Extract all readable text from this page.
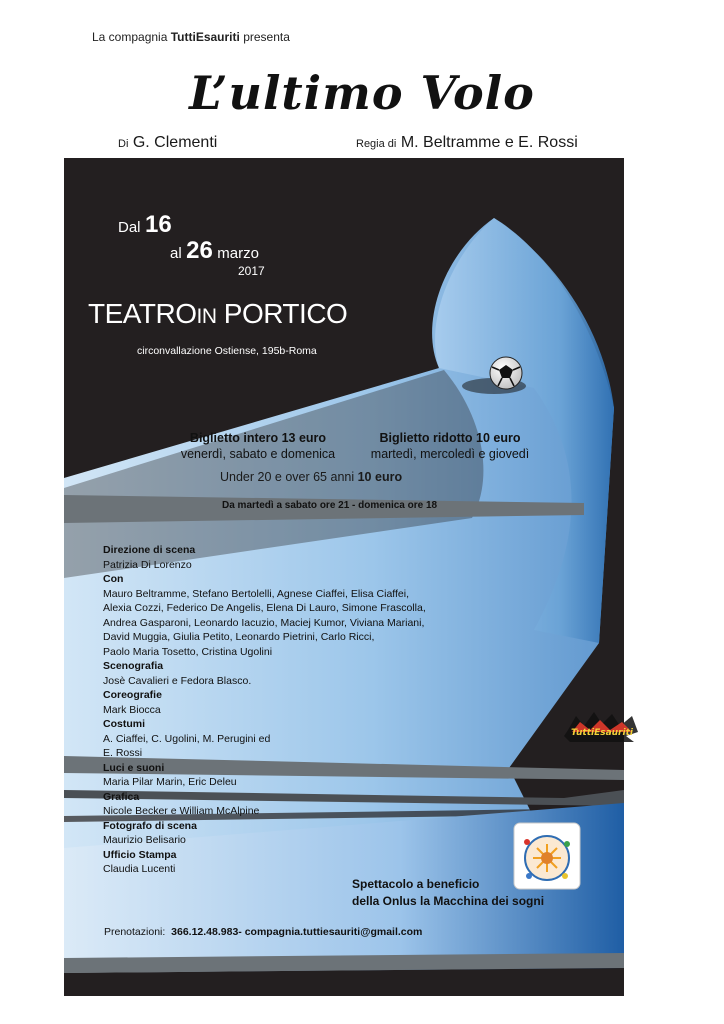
La compagnia TuttiEsauriti presenta
L’ultimo Volo
Di G. Clementi	Regia di M. Beltramme e E. Rossi
Dal 16
al 26 marzo
2017
TEATROIN PORTICO
circonvallazione Ostiense, 195b-Roma
Biglietto intero 13 euro
venerdì, sabato e domenica
Biglietto ridotto 10 euro
martedì, mercoledì e giovedì
Under 20 e over 65 anni 10 euro
Da martedì a sabato ore 21 - domenica ore 18
Direzione di scena
Patrizia Di Lorenzo
Con
Mauro Beltramme, Stefano Bertolelli, Agnese Ciaffei, Elisa Ciaffei,
Alexia Cozzi, Federico De Angelis, Elena Di Lauro, Simone Frascolla,
Andrea Gasparoni, Leonardo Iacuzio, Maciej Kumor, Viviana Mariani,
David Muggia, Giulia Petito, Leonardo Pietrini, Carlo Ricci,
Paolo Maria Tosetto, Cristina Ugolini
Scenografia
Josè Cavalieri e Fedora Blasco.
Coreografie
Mark Biocca
Costumi
A. Ciaffei, C. Ugolini, M. Perugini ed
E. Rossi
Luci e suoni
Maria Pilar Marin, Eric Deleu
Grafica
Nicole Becker e William McAlpine
Fotografo di scena
Maurizio Belisario
Ufficio Stampa
Claudia Lucenti
TuttiEsauriti
Spettacolo a beneficio
della Onlus la Macchina dei sogni
Prenotazioni: 366.12.48.983- compagnia.tuttiesauriti@gmail.com
